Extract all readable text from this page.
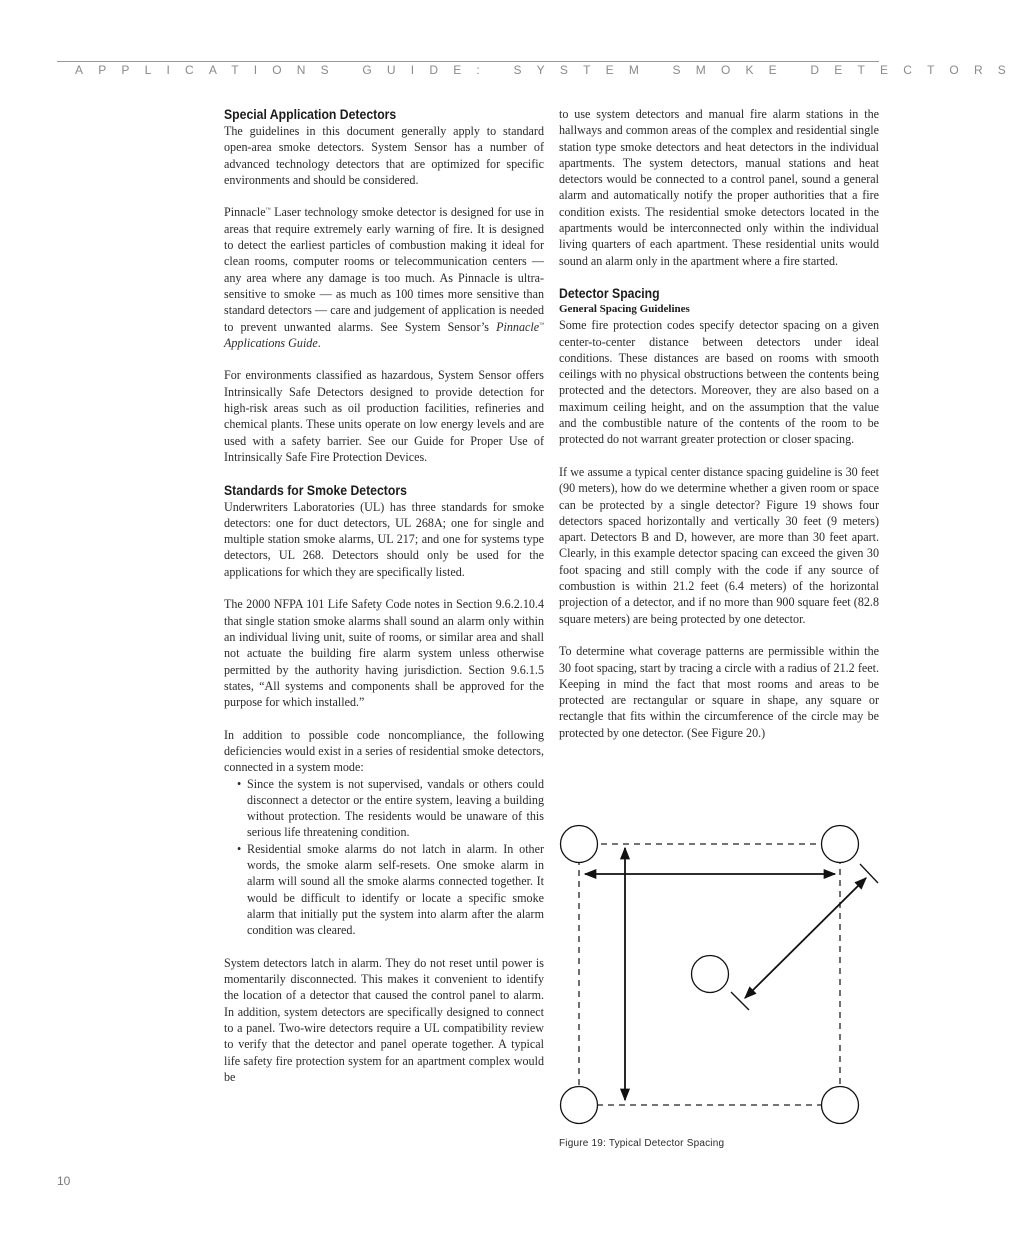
APPLICATIONS GUIDE: SYSTEM SMOKE DETECTORS
Special Application Detectors

The guidelines in this document generally apply to standard open-area smoke detectors. System Sensor has a number of advanced technology detectors that are optimized for specific environments and should be considered.

Pinnacle™ Laser technology smoke detector is designed for use in areas that require extremely early warning of fire. It is designed to detect the earliest particles of combustion making it ideal for clean rooms, computer rooms or telecommunication centers — any area where any damage is too much. As Pinnacle is ultra-sensitive to smoke — as much as 100 times more sensitive than standard detectors — care and judgement of application is needed to prevent unwanted alarms. See System Sensor’s Pinnacle™ Applications Guide.

For environments classified as hazardous, System Sensor offers Intrinsically Safe Detectors designed to provide detection for high-risk areas such as oil production facilities, refineries and chemical plants. These units operate on low energy levels and are used with a safety barrier. See our Guide for Proper Use of Intrinsically Safe Fire Protection Devices.

Standards for Smoke Detectors

Underwriters Laboratories (UL) has three standards for smoke detectors: one for duct detectors, UL 268A; one for single and multiple station smoke alarms, UL 217; and one for systems type detectors, UL 268. Detectors should only be used for the applications for which they are specifically listed.

The 2000 NFPA 101 Life Safety Code notes in Section 9.6.2.10.4 that single station smoke alarms shall sound an alarm only within an individual living unit, suite of rooms, or similar area and shall not actuate the building fire alarm system unless otherwise permitted by the authority having jurisdiction. Section 9.6.1.5 states, “All systems and components shall be approved for the purpose for which installed.”

In addition to possible code noncompliance, the following deficiencies would exist in a series of residential smoke detectors, connected in a system mode:

• Since the system is not supervised, vandals or others could disconnect a detector or the entire system, leaving a building without protection. The residents would be unaware of this serious life threatening condition.
• Residential smoke alarms do not latch in alarm. In other words, the smoke alarm self-resets. One smoke alarm in alarm will sound all the smoke alarms connected together. It would be difficult to identify or locate a specific smoke alarm that initially put the system into alarm after the alarm condition was cleared.

System detectors latch in alarm. They do not reset until power is momentarily disconnected. This makes it convenient to identify the location of a detector that caused the control panel to alarm. In addition, system detectors are specifically designed to connect to a panel. Two-wire detectors require a UL compatibility review to verify that the detector and panel operate together. A typical life safety fire protection system for an apartment complex would be

to use system detectors and manual fire alarm stations in the hallways and common areas of the complex and residential single station type smoke detectors and heat detectors in the individual apartments. The system detectors, manual stations and heat detectors would be connected to a control panel, sound a general alarm and automatically notify the proper authorities that a fire condition exists. The residential smoke detectors located in the apartments would be interconnected only within the individual living quarters of each apartment. These residential units would sound an alarm only in the apartment where a fire started.

Detector Spacing
General Spacing Guidelines

Some fire protection codes specify detector spacing on a given center-to-center distance between detectors under ideal conditions. These distances are based on rooms with smooth ceilings with no physical obstructions between the contents being protected and the detectors. Moreover, they are also based on a maximum ceiling height, and on the assumption that the value and the combustible nature of the contents of the room to be protected do not warrant greater protection or closer spacing.

If we assume a typical center distance spacing guideline is 30 feet (90 meters), how do we determine whether a given room or space can be protected by a single detector? Figure 19 shows four detectors spaced horizontally and vertically 30 feet (9 meters) apart. Detectors B and D, however, are more than 30 feet apart. Clearly, in this example detector spacing can exceed the given 30 foot spacing and still comply with the code if any source of combustion is within 21.2 feet (6.4 meters) of the horizontal projection of a detector, and if no more than 900 square feet (82.8 square meters) are being protected by one detector.

To determine what coverage patterns are permissible within the 30 foot spacing, start by tracing a circle with a radius of 21.2 feet. Keeping in mind the fact that most rooms and areas to be protected are rectangular or square in shape, any square or rectangle that fits within the circumference of the circle may be protected by one detector. (See Figure 20.)

Figure 19: Typical Detector Spacing
10
